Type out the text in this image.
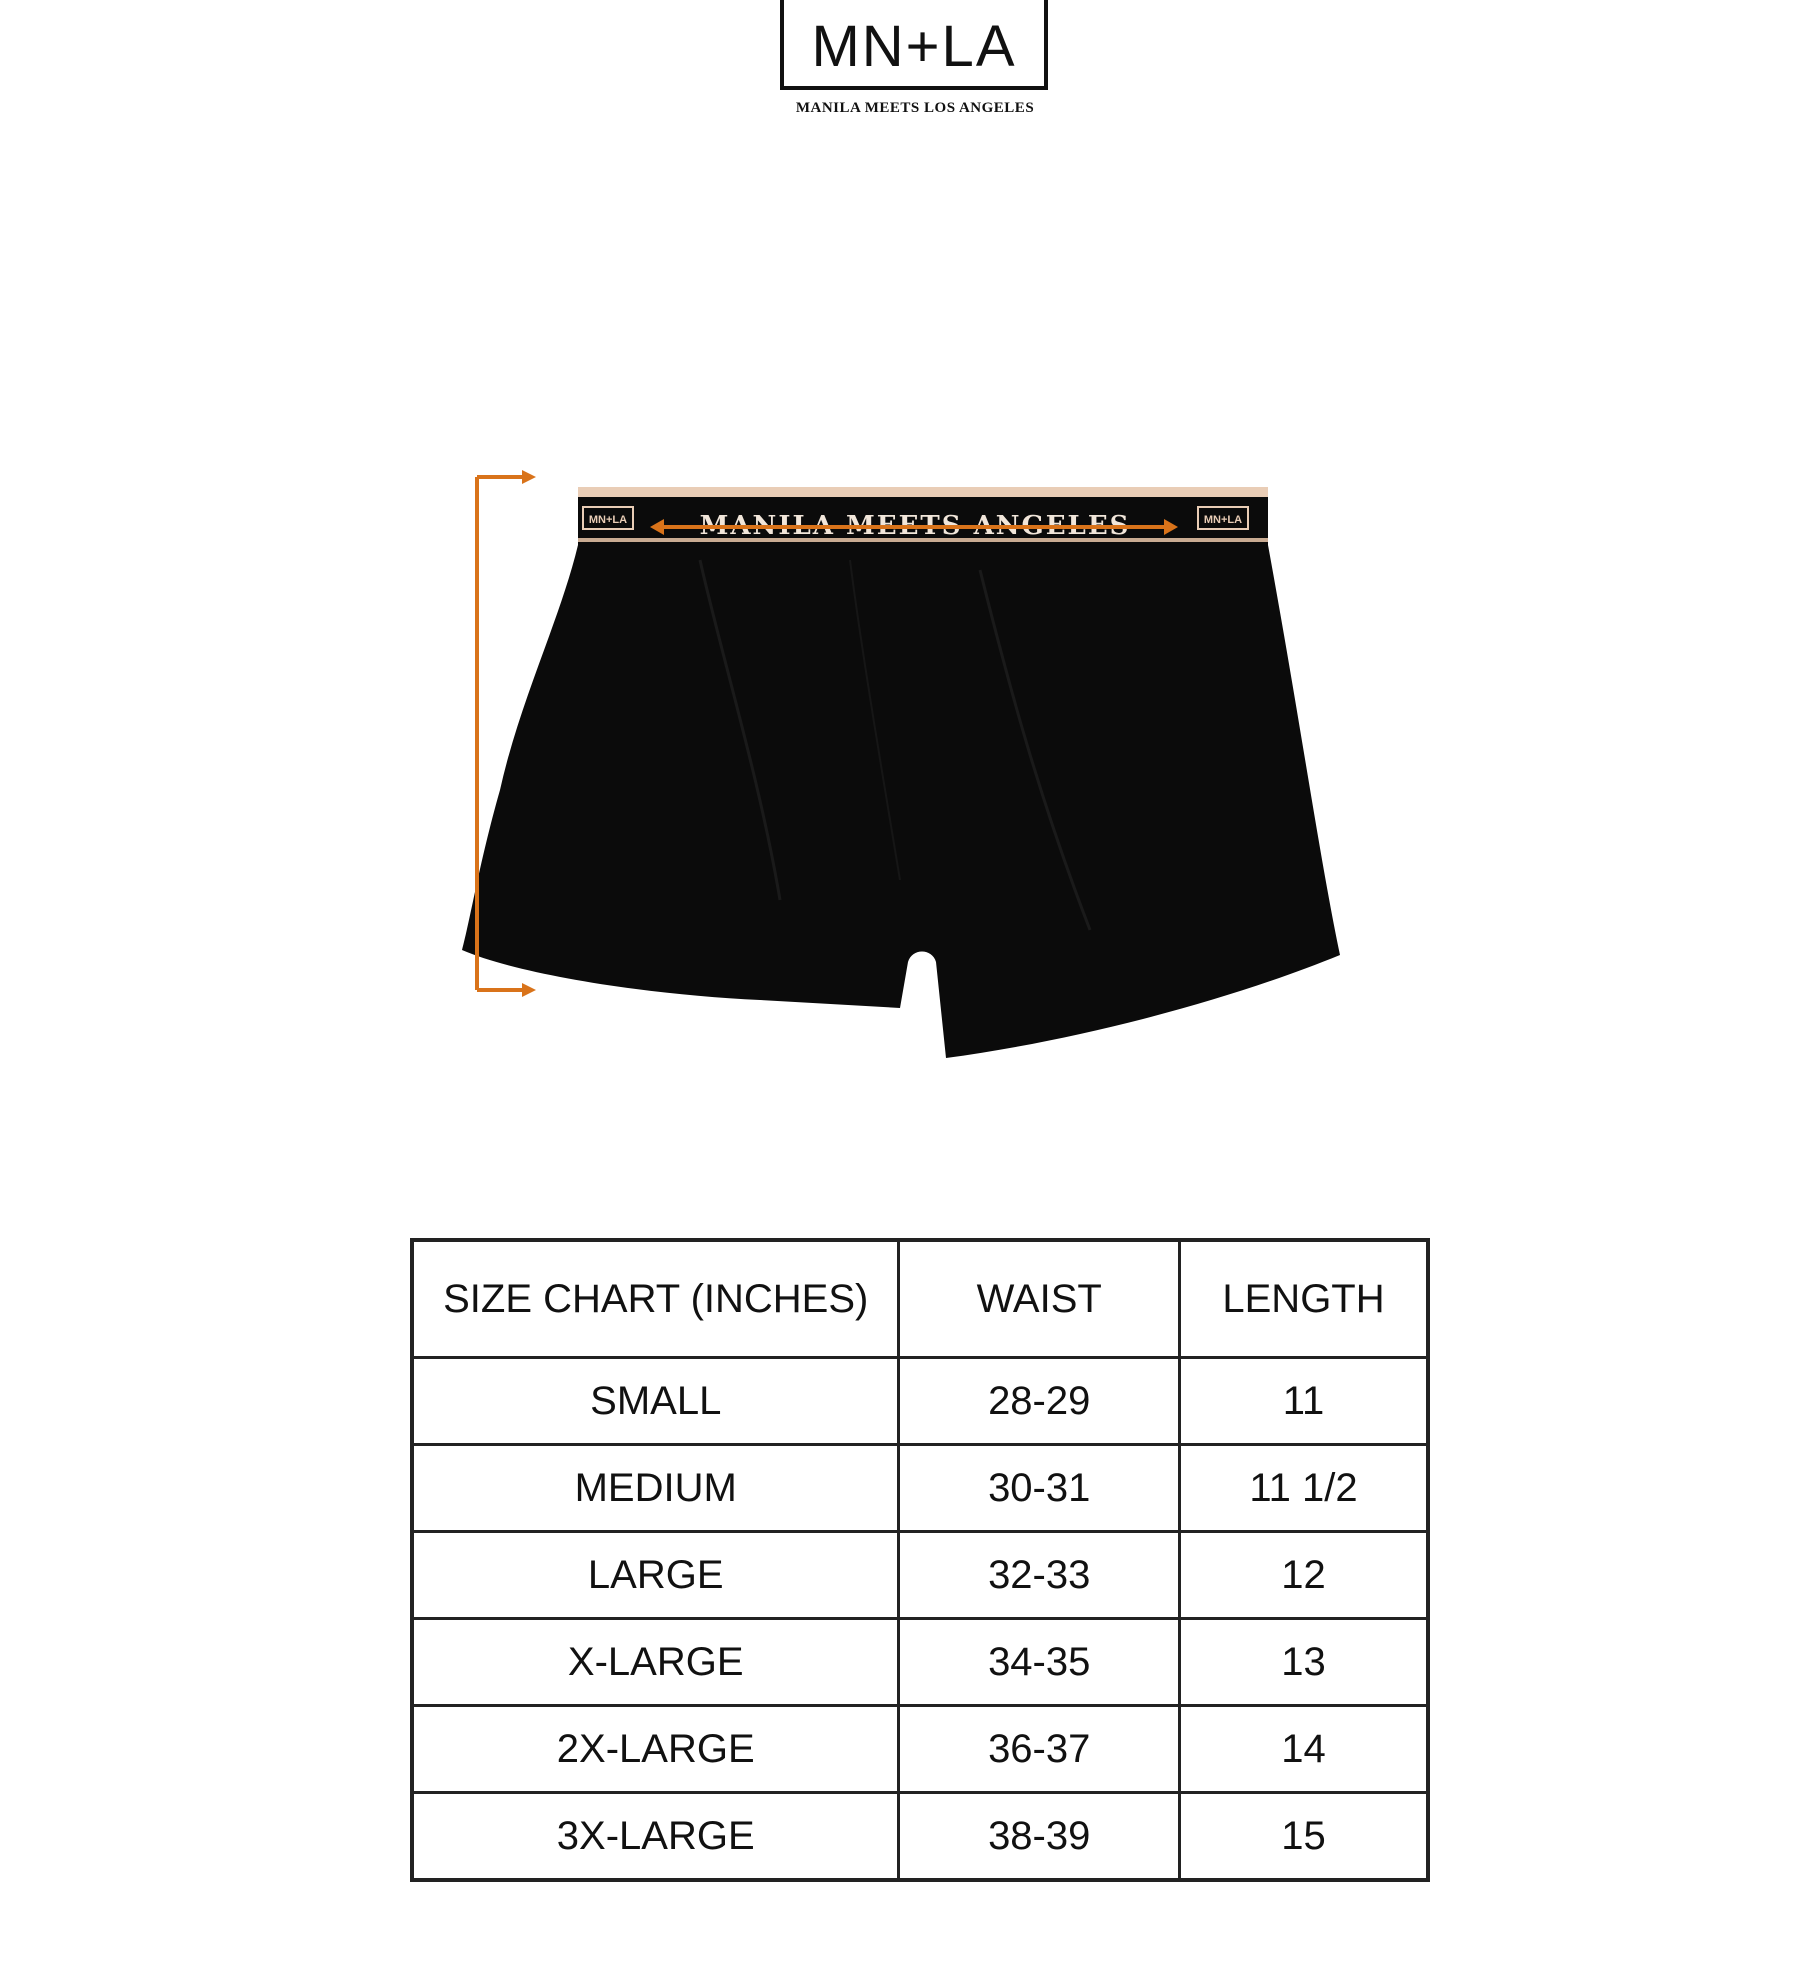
MN+LA
MANILA MEETS LOS ANGELES
MN+LA	MN+LA
MANILA MEETS ANGELES
SIZE CHART (INCHES)	WAIST	LENGTH
SMALL	28-29	11
MEDIUM	30-31	11 1/2
LARGE	32-33	12
X-LARGE	34-35	13
2X-LARGE	36-37	14
3X-LARGE	38-39	15
